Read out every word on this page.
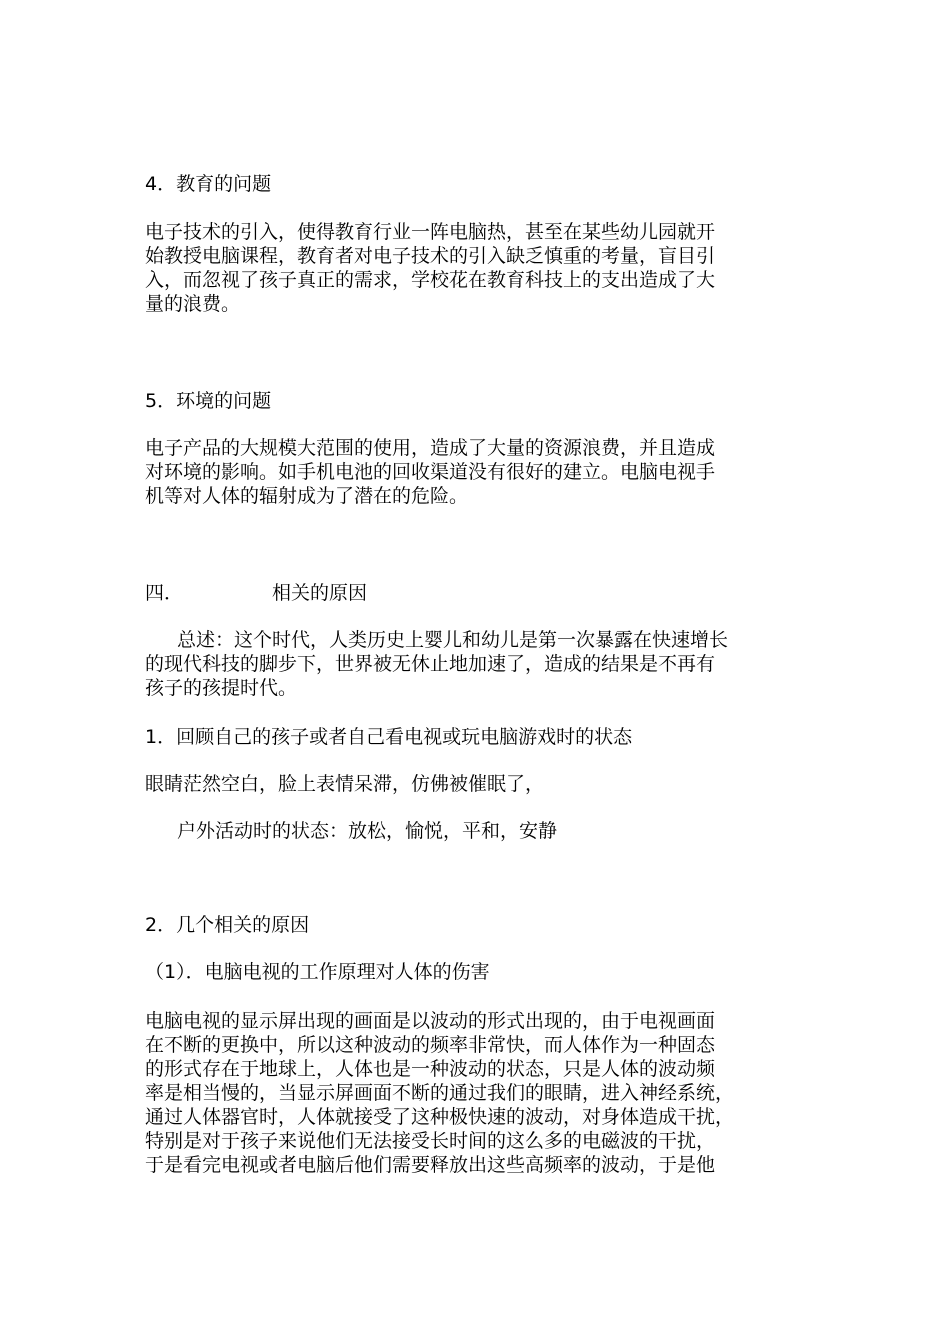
4．教育的问题
电子技术的引入，使得教育行业一阵电脑热，甚至在某些幼儿园就开
始教授电脑课程，教育者对电子技术的引入缺乏慎重的考量，盲目引
入，而忽视了孩子真正的需求，学校花在教育科技上的支出造成了大
量的浪费。
5．环境的问题
电子产品的大规模大范围的使用，造成了大量的资源浪费，并且造成
对环境的影响。如手机电池的回收渠道没有很好的建立。电脑电视手
机等对人体的辐射成为了潜在的危险。
四．	相关的原因
总述：这个时代，人类历史上婴儿和幼儿是第一次暴露在快速增长
的现代科技的脚步下，世界被无休止地加速了，造成的结果是不再有
孩子的孩提时代。
1．回顾自己的孩子或者自己看电视或玩电脑游戏时的状态
眼睛茫然空白，脸上表情呆滞，仿佛被催眠了，
户外活动时的状态：放松，愉悦，平和，安静
2．几个相关的原因
（1）．电脑电视的工作原理对人体的伤害
电脑电视的显示屏出现的画面是以波动的形式出现的，由于电视画面
在不断的更换中，所以这种波动的频率非常快，而人体作为一种固态
的形式存在于地球上，人体也是一种波动的状态，只是人体的波动频
率是相当慢的，当显示屏画面不断的通过我们的眼睛，进入神经系统，
通过人体器官时，人体就接受了这种极快速的波动，对身体造成干扰，
特别是对于孩子来说他们无法接受长时间的这么多的电磁波的干扰，
于是看完电视或者电脑后他们需要释放出这些高频率的波动，于是他
